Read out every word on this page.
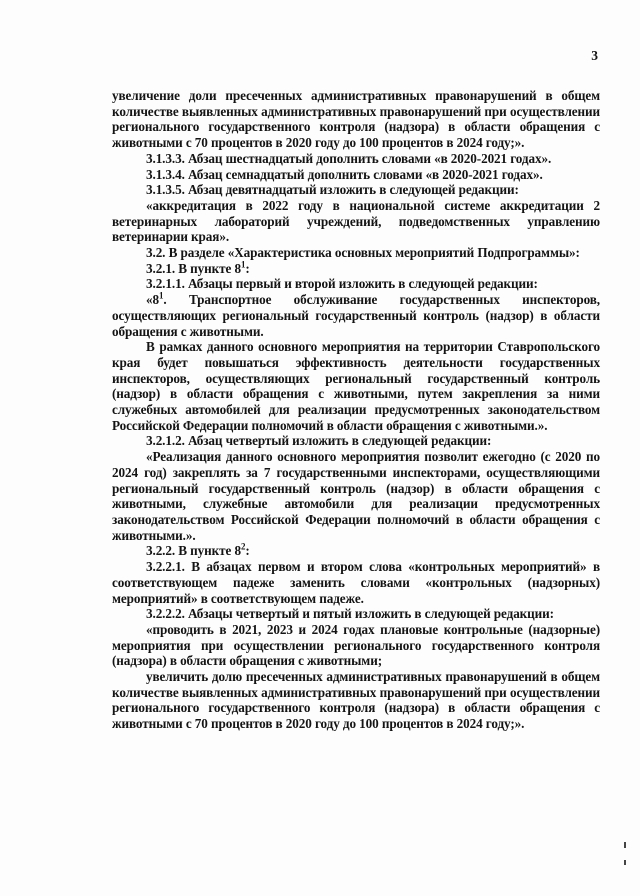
3

увеличение доли пресеченных административных правонарушений в общем количестве выявленных административных правонарушений при осуществлении регионального государственного контроля (надзора) в области обращения с животными с 70 процентов в 2020 году до 100 процентов в 2024 году;».

3.1.3.3. Абзац шестнадцатый дополнить словами «в 2020-2021 годах».

3.1.3.4. Абзац семнадцатый дополнить словами «в 2020-2021 годах».

3.1.3.5. Абзац девятнадцатый изложить в следующей редакции:

«аккредитация в 2022 году в национальной системе аккредитации 2 ветеринарных лабораторий учреждений, подведомственных управлению ветеринарии края».

3.2. В разделе «Характеристика основных мероприятий Подпрограммы»:

3.2.1. В пункте $8^1$:

3.2.1.1. Абзацы первый и второй изложить в следующей редакции:

«$8^1$. Транспортное обслуживание государственных инспекторов, осуществляющих региональный государственный контроль (надзор) в области обращения с животными.

В рамках данного основного мероприятия на территории Ставропольского края будет повышаться эффективность деятельности государственных инспекторов, осуществляющих региональный государственный контроль (надзор) в области обращения с животными, путем закрепления за ними служебных автомобилей для реализации предусмотренных законодательством Российской Федерации полномочий в области обращения с животными.».

3.2.1.2. Абзац четвертый изложить в следующей редакции:

«Реализация данного основного мероприятия позволит ежегодно (с 2020 по 2024 год) закреплять за 7 государственными инспекторами, осуществляющими региональный государственный контроль (надзор) в области обращения с животными, служебные автомобили для реализации предусмотренных законодательством Российской Федерации полномочий в области обращения с животными.».

3.2.2. В пункте $8^2$:

3.2.2.1. В абзацах первом и втором слова «контрольных мероприятий» в соответствующем падеже заменить словами «контрольных (надзорных) мероприятий» в соответствующем падеже.

3.2.2.2. Абзацы четвертый и пятый изложить в следующей редакции:

«проводить в 2021, 2023 и 2024 годах плановые контрольные (надзорные) мероприятия при осуществлении регионального государственного контроля (надзора) в области обращения с животными;

увеличить долю пресеченных административных правонарушений в общем количестве выявленных административных правонарушений при осуществлении регионального государственного контроля (надзора) в области обращения с животными с 70 процентов в 2020 году до 100 процентов в 2024 году;».
